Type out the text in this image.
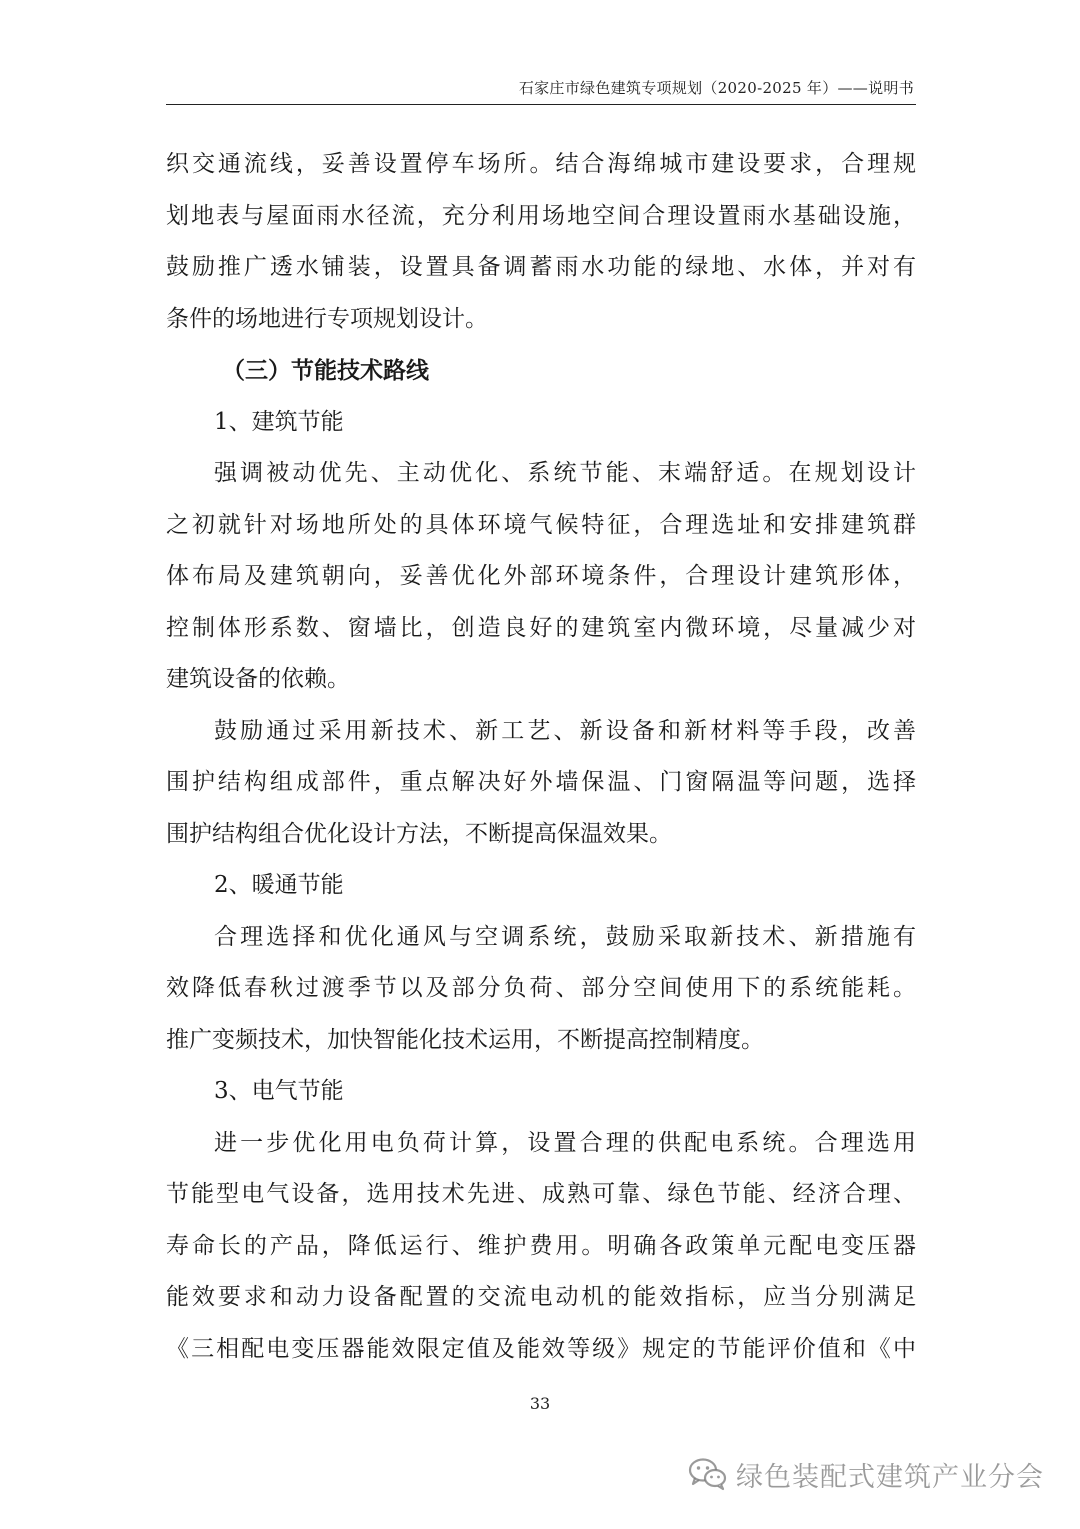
石家庄市绿色建筑专项规划（2020-2025 年）——说明书
织交通流线，妥善设置停车场所。结合海绵城市建设要求，合理规
划地表与屋面雨水径流，充分利用场地空间合理设置雨水基础设施，
鼓励推广透水铺装，设置具备调蓄雨水功能的绿地、水体，并对有
条件的场地进行专项规划设计。
（三）节能技术路线
1、建筑节能
强调被动优先、主动优化、系统节能、末端舒适。在规划设计
之初就针对场地所处的具体环境气候特征，合理选址和安排建筑群
体布局及建筑朝向，妥善优化外部环境条件，合理设计建筑形体，
控制体形系数、窗墙比，创造良好的建筑室内微环境，尽量减少对
建筑设备的依赖。
鼓励通过采用新技术、新工艺、新设备和新材料等手段，改善
围护结构组成部件，重点解决好外墙保温、门窗隔温等问题，选择
围护结构组合优化设计方法，不断提高保温效果。
2、暖通节能
合理选择和优化通风与空调系统，鼓励采取新技术、新措施有
效降低春秋过渡季节以及部分负荷、部分空间使用下的系统能耗。
推广变频技术，加快智能化技术运用，不断提高控制精度。
3、电气节能
进一步优化用电负荷计算，设置合理的供配电系统。合理选用
节能型电气设备，选用技术先进、成熟可靠、绿色节能、经济合理、
寿命长的产品，降低运行、维护费用。明确各政策单元配电变压器
能效要求和动力设备配置的交流电动机的能效指标，应当分别满足
《三相配电变压器能效限定值及能效等级》规定的节能评价值和《中
33
绿色装配式建筑产业分会
